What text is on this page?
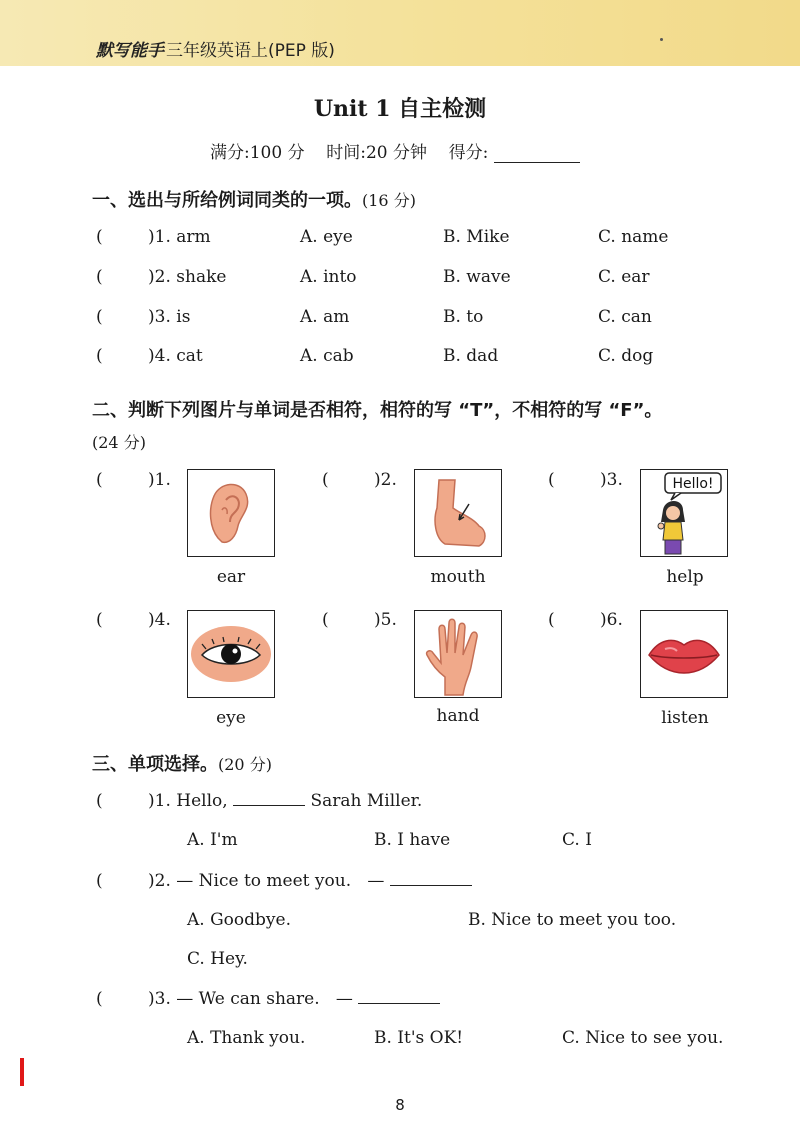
默写能手 三年级英语上(PEP 版)
Unit 1 自主检测
满分:100 分 时间:20 分钟 得分:
一、选出与所给例词同类的一项。(16 分)
(	)1. arm	A. eye	B. Mike	C. name
(	)2. shake	A. into	B. wave	C. ear
(	)3. is	A. am	B. to	C. can
(	)4. cat	A. cab	B. dad	C. dog
二、判断下列图片与单词是否相符，相符的写 “T”，不相符的写 “F”。
(24 分)
(	)1.
ear
(	)2.
mouth
(	)3.	Hello!
help
(	)4.
eye
(	)5.
hand
(	)6.
listen
三、单项选择。(20 分)
(	)1. Hello,	Sarah Miller.
A. I'm	B. I have	C. I
(	)2. — Nice to meet you. —
A. Goodbye.	B. Nice to meet you too.
C. Hey.
(	)3. — We can share. —
A. Thank you.	B. It's OK!	C. Nice to see you.
8
